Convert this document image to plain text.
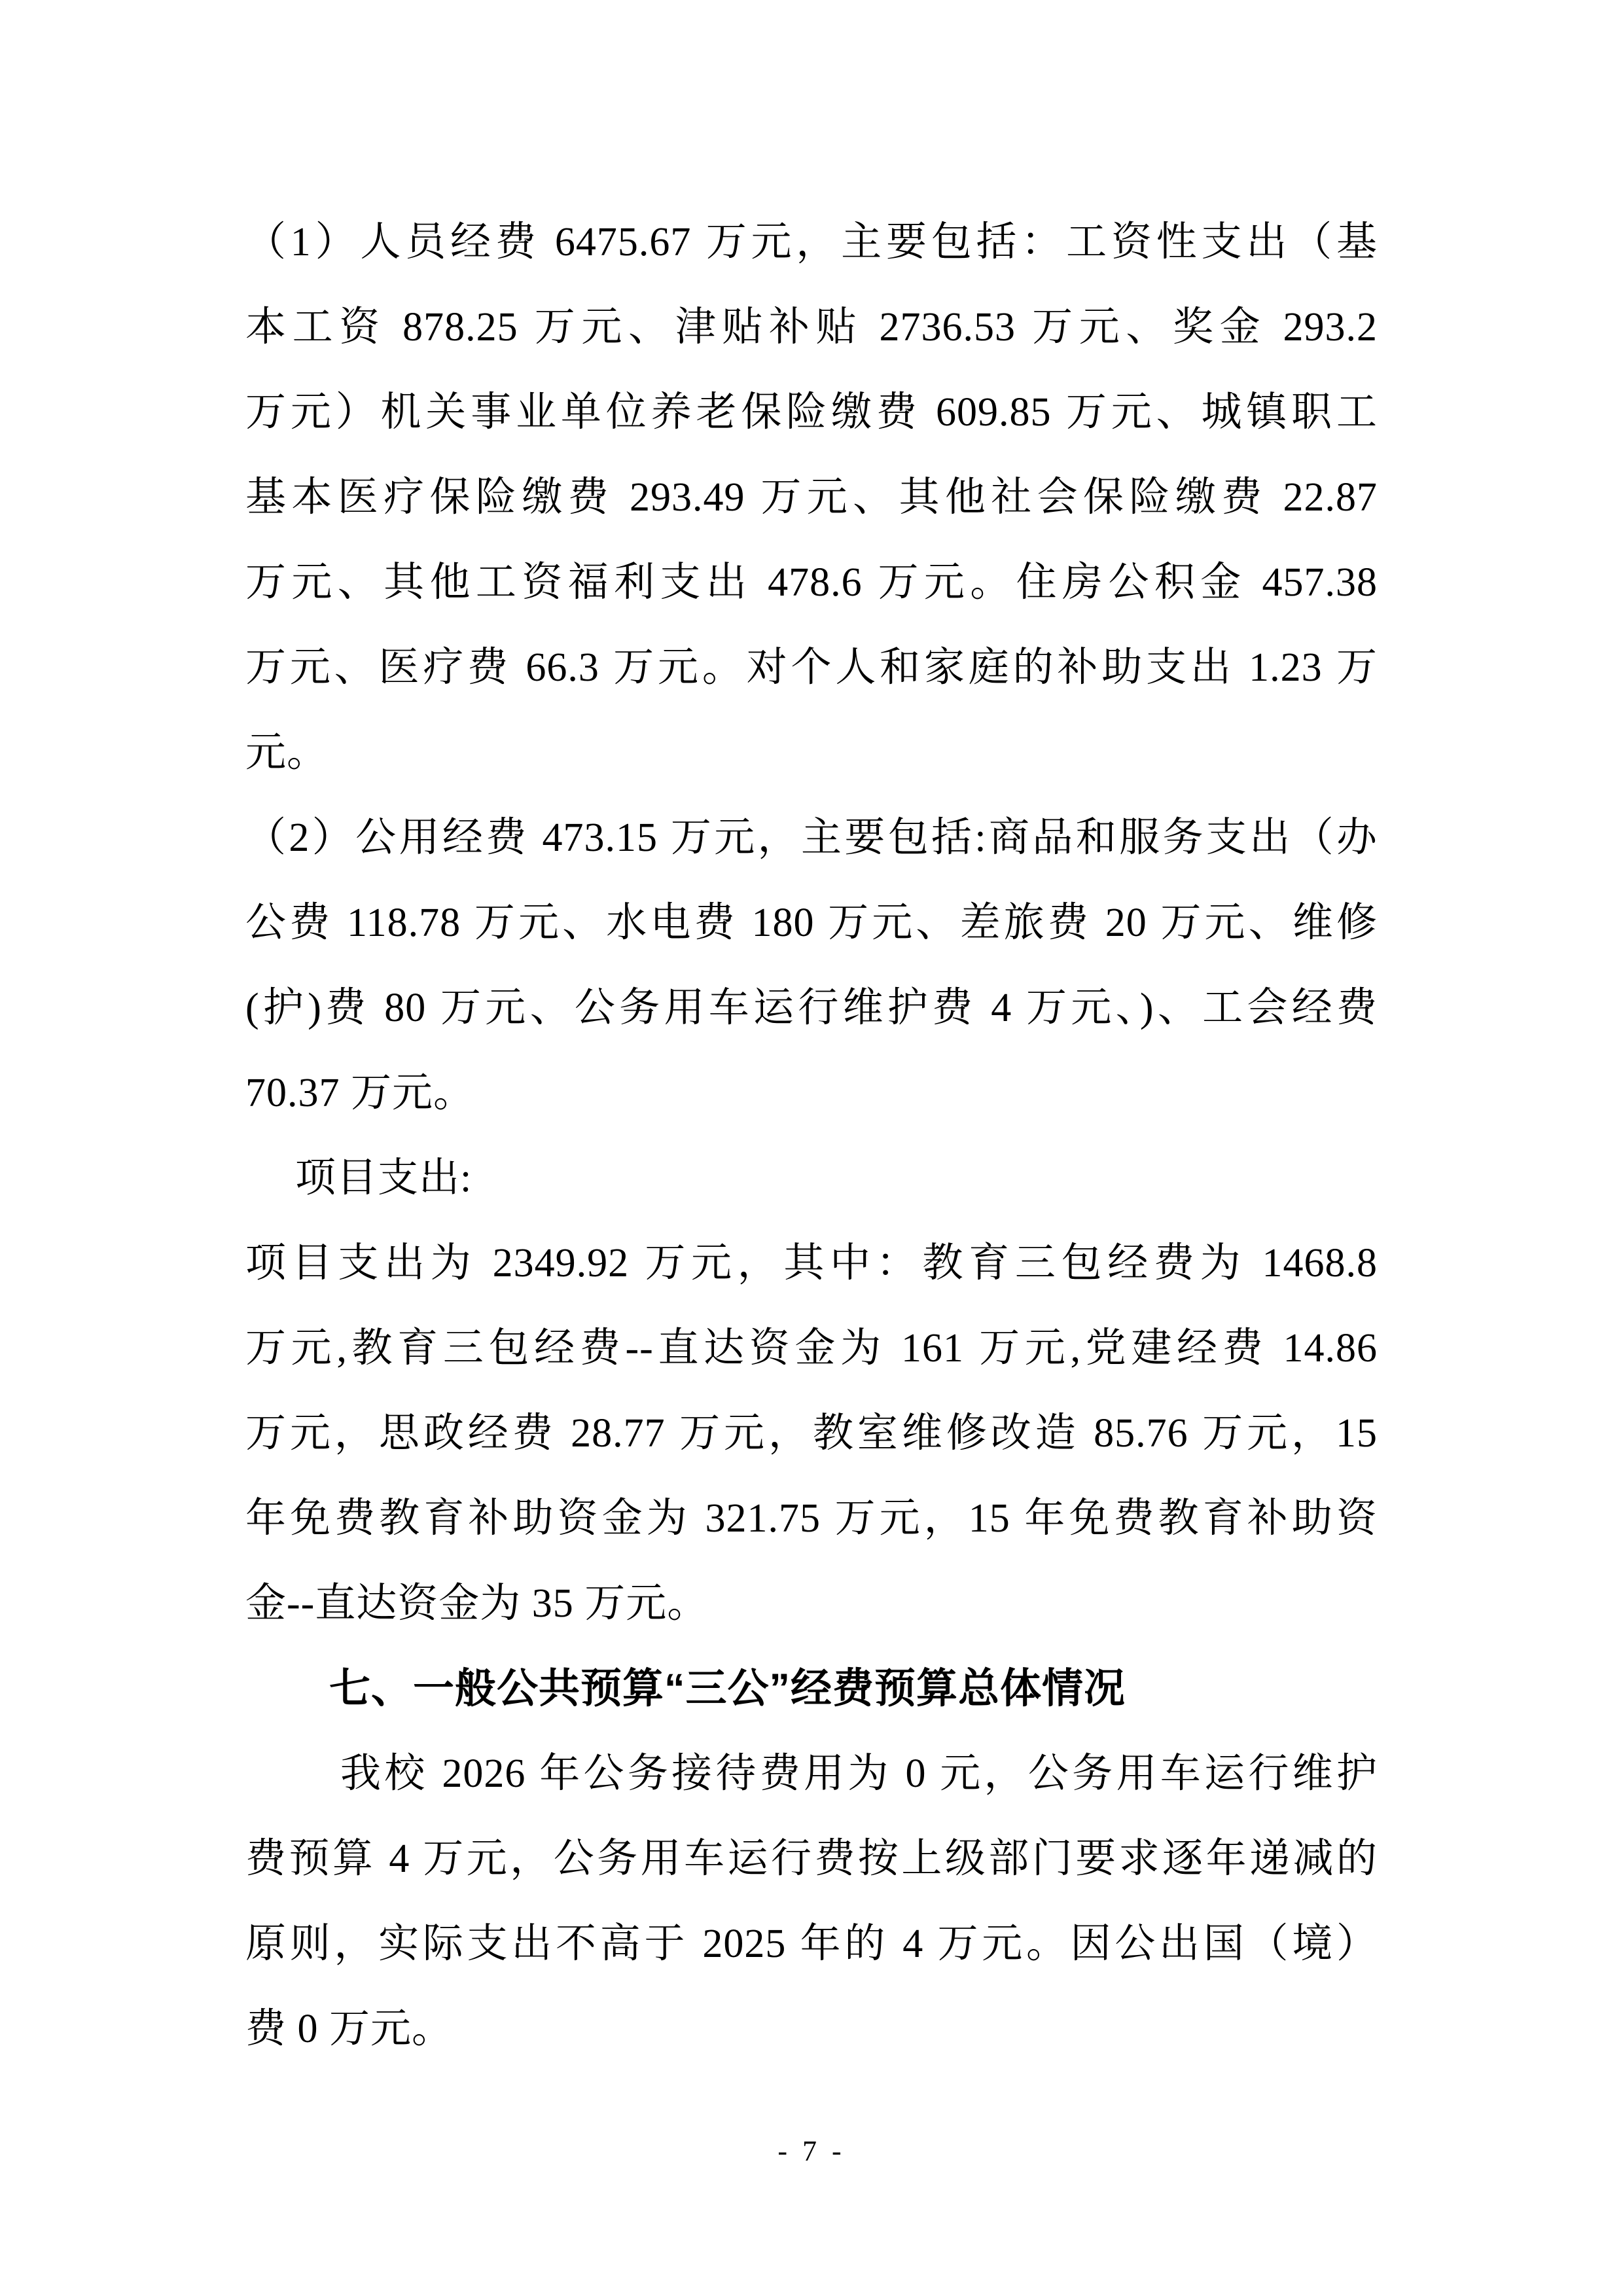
（1）人员经费 6475.67 万元，主要包括：工资性支出（基
本工资 878.25 万元、津贴补贴 2736.53 万元、奖金 293.2
万元）机关事业单位养老保险缴费 609.85 万元、城镇职工
基本医疗保险缴费 293.49 万元、其他社会保险缴费 22.87
万元、其他工资福利支出 478.6 万元。住房公积金 457.38
万元、医疗费 66.3 万元。对个人和家庭的补助支出 1.23 万
元。
（2）公用经费 473.15 万元，主要包括:商品和服务支出（办
公费 118.78 万元、水电费 180 万元、差旅费 20 万元、维修
(护)费 80 万元、公务用车运行维护费 4 万元、)、工会经费
70.37 万元。
项目支出:
项目支出为 2349.92 万元，其中：教育三包经费为 1468.8
万元,教育三包经费--直达资金为 161 万元,党建经费 14.86
万元，思政经费 28.77 万元，教室维修改造 85.76 万元，15
年免费教育补助资金为 321.75 万元，15 年免费教育补助资
金--直达资金为 35 万元。
七、一般公共预算“三公”经费预算总体情况
我校 2026 年公务接待费用为 0 元，公务用车运行维护
费预算 4 万元，公务用车运行费按上级部门要求逐年递减的
原则，实际支出不高于 2025 年的 4 万元。因公出国（境）
费 0 万元。
- 7 -
